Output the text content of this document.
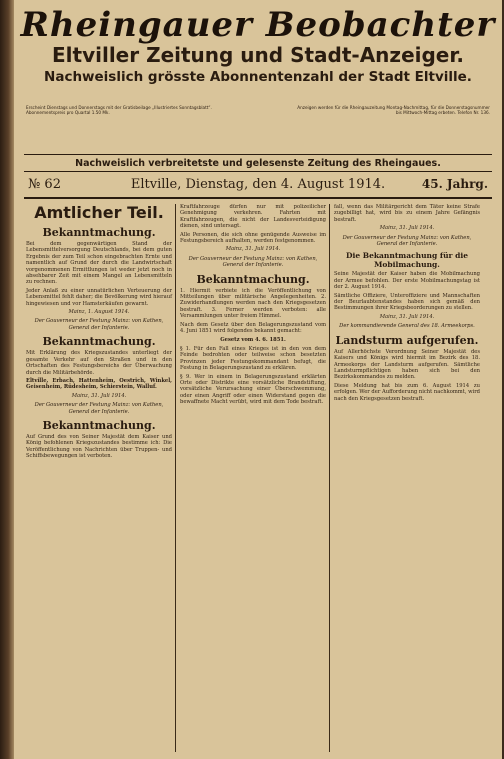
Rheingauer Beobachter
Eltviller Zeitung und Stadt-Anzeiger.
Nachweislich grösste Abonnentenzahl der Stadt Eltville.
Erscheint Dienstags und Donnerstags mit der Gratisbeilage „Illustriertes Sonntagsblatt“. Abonnementspreis pro Quartal 1.50 Mk.
Anzeigen werden für die Rheingauzeitung Montag-Nachmittag, für die Donnerstagsnummer bis Mittwoch-Mittag erbeten. Telefon Nr. 136.
Nachweislich verbreitetste und gelesenste Zeitung des Rheingaues.
№ 62	Eltville, Dienstag, den 4. August 1914.	45. Jahrg.
Amtlicher Teil.
Bekanntmachung.

Bei dem gegenwärtigen Stand der Lebensmittelversorgung Deutschlands, bei dem guten Ergebnis der zum Teil schon eingebrachten Ernte und namentlich auf Grund der durch die Landwirtschaft vorgenommenen Ermittlungen ist weder jetzt noch in absehbarer Zeit mit einem Mangel an Lebensmitteln zu rechnen.

Jeder Anlaß zu einer unnatürlichen Verteuerung der Lebensmittel fehlt daher; die Bevölkerung wird hierauf hingewiesen und vor Hamsterkäufen gewarnt.

Mainz, 1. August 1914.
Der Gouverneur der Festung Mainz: von Kathen, General der Infanterie.
Bekanntmachung.

Mit Erklärung des Kriegszustandes unterliegt der gesamte Verkehr auf den Straßen und in den Ortschaften des Festungsbereichs der Überwachung durch die Militärbehörde.

Eltville, Erbach, Hattenheim, Oestrich, Winkel, Geisenheim, Rüdesheim, Schierstein, Walluf.

Mainz, 31. Juli 1914.
Der Gouverneur der Festung Mainz: von Kathen, General der Infanterie.
Bekanntmachung.

Auf Grund des von Seiner Majestät dem Kaiser und König befohlenen Kriegszustandes bestimme ich: Die Veröffentlichung von Nachrichten über Truppen- und Schiffsbewegungen ist verboten.

Kraftfahrzeuge dürfen nur mit polizeilicher Genehmigung verkehren. Fahrten mit Kraftfahrzeugen, die nicht der Landesverteidigung dienen, sind untersagt.

Alle Personen, die sich ohne genügende Ausweise im Festungsbereich aufhalten, werden festgenommen.

Mainz, 31. Juli 1914.
Der Gouverneur der Festung Mainz: von Kathen, General der Infanterie.
Bekanntmachung.

1. Hiermit verbiete ich die Veröffentlichung von Mitteilungen über militärische Angelegenheiten. 2. Zuwiderhandlungen werden nach den Kriegsgesetzen bestraft. 3. Ferner werden verboten: alle Versammlungen unter freiem Himmel.

Nach dem Gesetz über den Belagerungszustand vom 4. Juni 1851 wird folgendes bekannt gemacht:

Gesetz vom 4. 6. 1851.

§ 1. Für den Fall eines Krieges ist in den von dem Feinde bedrohten oder teilweise schon besetzten Provinzen jeder Festungskommandant befugt, die Festung in Belagerungszustand zu erklären.

§ 9. Wer in einem in Belagerungszustand erklärten Orte oder Distrikte eine vorsätzliche Brandstiftung, vorsätzliche Verursachung einer Überschwemmung, oder einen Angriff oder einen Widerstand gegen die bewaffnete Macht verübt, wird mit dem Tode bestraft.

fall, wenn das Militärgericht dem Täter keine Strafe zugebilligt hat, wird bis zu einem Jahre Gefängnis bestraft.

Mainz, 31. Juli 1914.
Der Gouverneur der Festung Mainz: von Kathen, General der Infanterie.
Die Bekanntmachung für die Mobilmachung.

Seine Majestät der Kaiser haben die Mobilmachung der Armee befohlen. Der erste Mobilmachungstag ist der 2. August 1914.

Sämtliche Offiziere, Unteroffiziere und Mannschaften der Beurlaubtenstandes haben sich gemäß den Bestimmungen ihrer Kriegsbeorderungen zu stellen.

Mainz, 31. Juli 1914.
Der kommandierende General des 18. Armeekorps.
Landsturm aufgerufen.

Auf Allerhöchste Verordnung Seiner Majestät des Kaisers und Königs wird hiermit im Bezirk des 18. Armeekorps der Landsturm aufgerufen. Sämtliche Landsturmpflichtigen haben sich bei den Bezirkskommandos zu melden.

Diese Meldung hat bis zum 6. August 1914 zu erfolgen. Wer der Aufforderung nicht nachkommt, wird nach den Kriegsgesetzen bestraft.
